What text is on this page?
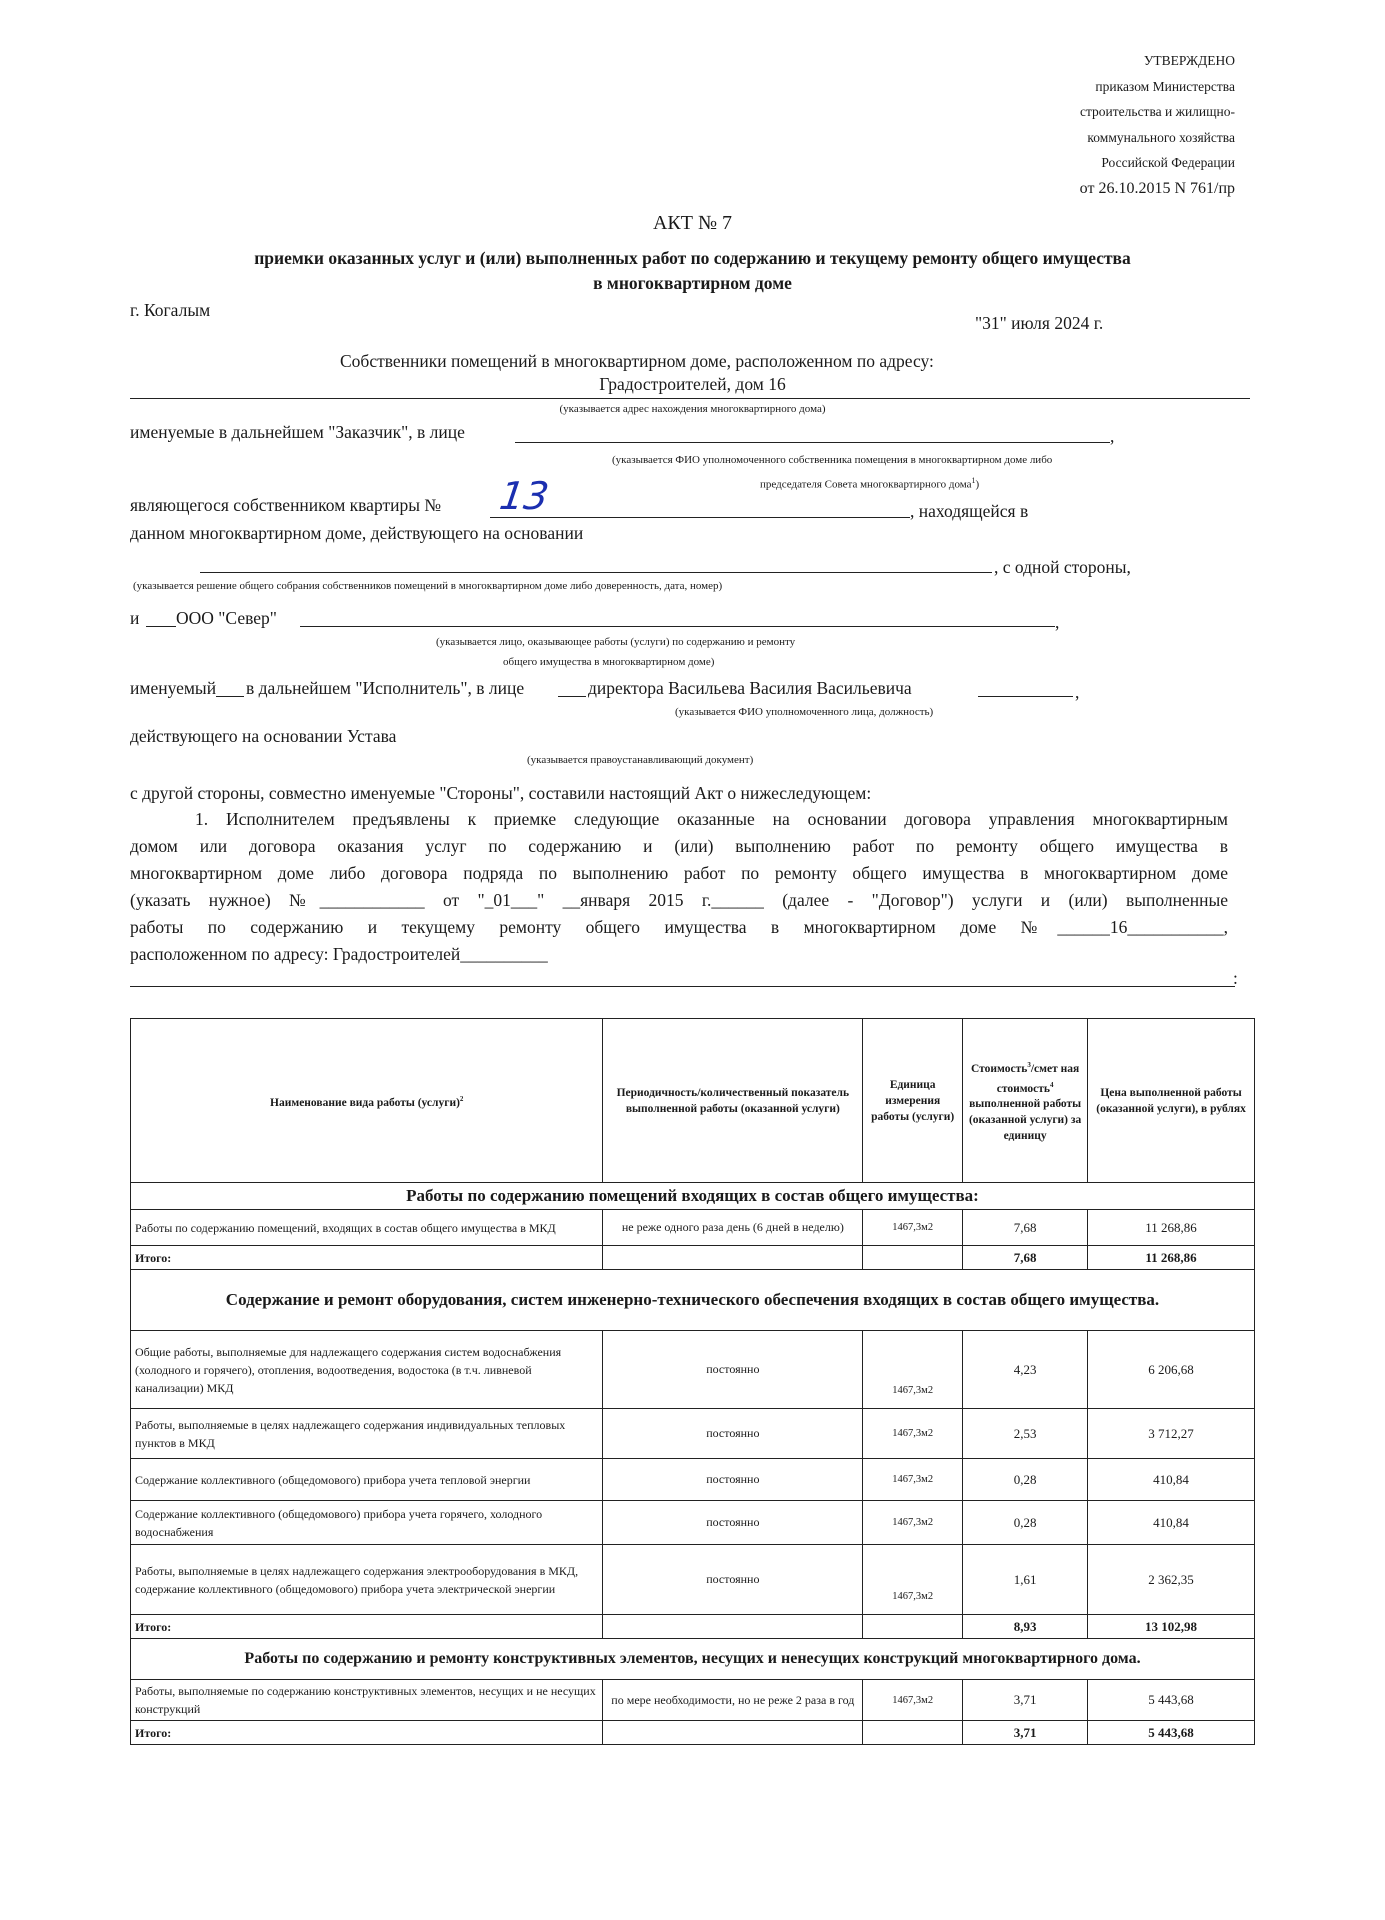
УТВЕРЖДЕНО
приказом Министерства
строительства и жилищно-
коммунального хозяйства
Российской Федерации
от 26.10.2015 N 761/пр
АКТ № 7
приемки оказанных услуг и (или) выполненных работ по содержанию и текущему ремонту общего имущества
в многоквартирном доме
г. Когалым
"31" июля 2024 г.
Собственники помещений в многоквартирном доме, расположенном по адресу:
Градостроителей, дом 16
(указывается адрес нахождения многоквартирного дома)
именуемые в дальнейшем "Заказчик", в лице	,
(указывается ФИО уполномоченного собственника помещения в многоквартирном доме либо
председателя Совета многоквартирного дома$^1$)
являющегося собственником квартиры № 13	, находящейся в
данном многоквартирном доме, действующего на основании
, с одной стороны,
(указывается решение общего собрания собственников помещений в многоквартирном доме либо доверенность, дата, номер)
и ООО "Север"	,
(указывается лицо, оказывающее работы (услуги) по содержанию и ремонту
общего имущества в многоквартирном доме)
именуемый в дальнейшем "Исполнитель", в лице	директора Васильева Василия Васильевича	,
(указывается ФИО уполномоченного лица, должность)
действующего на основании Устава
(указывается правоустанавливающий документ)
с другой стороны, совместно именуемые "Стороны", составили настоящий Акт о нижеследующем:
1. Исполнителем предъявлены к приемке следующие оказанные на основании договора управления многоквартирным
домом или договора оказания услуг по содержанию и (или) выполнению работ по ремонту общего имущества в
многоквартирном доме либо договора подряда по выполнению работ по ремонту общего имущества в многоквартирном доме
(указать нужное) №____________ от "_01___" __января 2015 г.______ (далее - "Договор") услуги и (или) выполненные
работы по содержанию и текущему ремонту общего имущества в многоквартирном доме №______16___________,
расположенном по адресу: Градостроителей__________
:
Наименование вида работы (услуги)$^2$	Периодичность/количественный показатель выполненной работы (оказанной услуги)	Единица измерения работы (услуги)	Стоимость$^3$/смет ная стоимость$^4$ выполненной работы (оказанной услуги) за единицу	Цена выполненной работы (оказанной услуги), в рублях
Работы по содержанию помещений входящих в состав общего имущества:				
Работы по содержанию помещений, входящих в состав общего имущества в МКД	не реже одного раза день (6 дней в неделю)	1467,3м2	7,68	11 268,86
Итого:			7,68	11 268,86
Содержание и ремонт оборудования, систем инженерно-технического обеспечения входящих в состав общего имущества.				
Общие работы, выполняемые для надлежащего содержания систем водоснабжения (холодного и горячего), отопления, водоотведения, водостока (в т.ч. ливневой канализации) МКД	постоянно	1467,3м2	4,23	6 206,68
Работы, выполняемые в целях надлежащего содержания индивидуальных тепловых пунктов в МКД	постоянно	1467,3м2	2,53	3 712,27
Содержание коллективного (общедомового) прибора учета тепловой энергии	постоянно	1467,3м2	0,28	410,84
Содержание коллективного (общедомового) прибора учета горячего, холодного водоснабжения	постоянно	1467,3м2	0,28	410,84
Работы, выполняемые в целях надлежащего содержания электрооборудования в МКД, содержание коллективного (общедомового) прибора учета электрической энергии	постоянно	1467,3м2	1,61	2 362,35
Итого:			8,93	13 102,98
Работы по содержанию и ремонту конструктивных элементов, несущих и ненесущих конструкций многоквартирного дома.				
Работы, выполняемые по содержанию конструктивных элементов, несущих и не несущих конструкций	по мере необходимости, но не реже 2 раза в год	1467,3м2	3,71	5 443,68
Итого:			3,71	5 443,68
